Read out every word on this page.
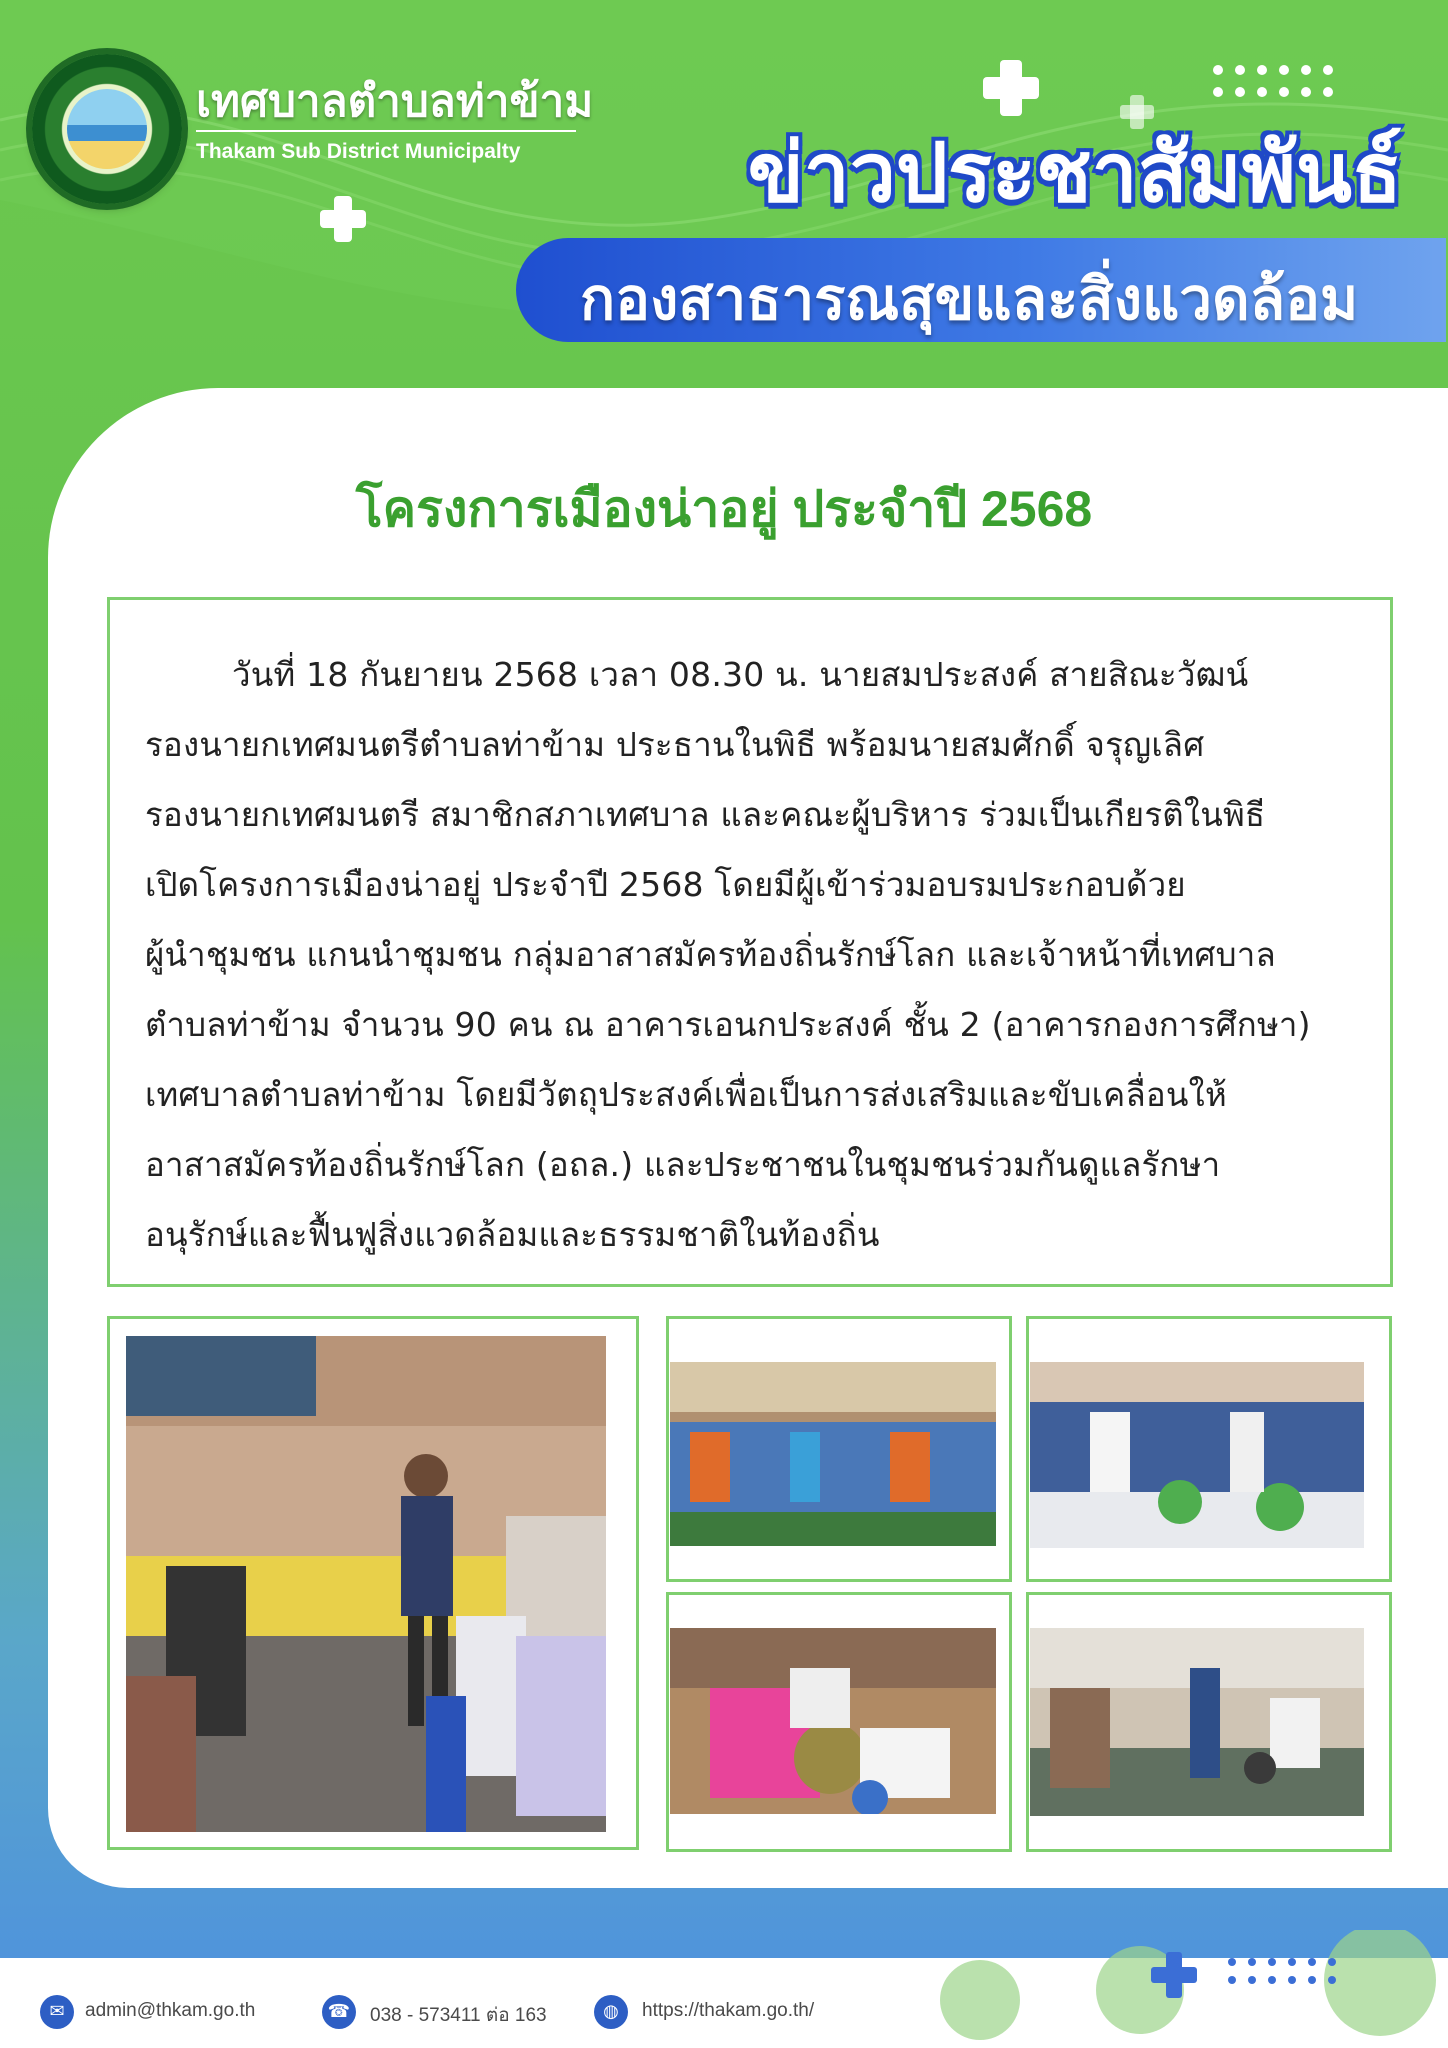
เทศบาลตำบลท่าข้าม
Thakam Sub District Municipalty	ข่าวประชาสัมพันธ์
กองสาธารณสุขและสิ่งแวดล้อม
โครงการเมืองน่าอยู่ ประจำปี 2568
วันที่ 18 กันยายน 2568 เวลา 08.30 น. นายสมประสงค์ สายสิณะวัฒน์
รองนายกเทศมนตรีตำบลท่าข้าม ประธานในพิธี พร้อมนายสมศักดิ์ จรุญเลิศ
รองนายกเทศมนตรี สมาชิกสภาเทศบาล และคณะผู้บริหาร ร่วมเป็นเกียรติในพิธี
เปิดโครงการเมืองน่าอยู่ ประจำปี 2568 โดยมีผู้เข้าร่วมอบรมประกอบด้วย
ผู้นำชุมชน แกนนำชุมชน กลุ่มอาสาสมัครท้องถิ่นรักษ์โลก และเจ้าหน้าที่เทศบาล
ตำบลท่าข้าม จำนวน 90 คน ณ อาคารเอนกประสงค์ ชั้น 2 (อาคารกองการศึกษา)
เทศบาลตำบลท่าข้าม โดยมีวัตถุประสงค์เพื่อเป็นการส่งเสริมและขับเคลื่อนให้
อาสาสมัครท้องถิ่นรักษ์โลก (อถล.) และประชาชนในชุมชนร่วมกันดูแลรักษา
อนุรักษ์และฟื้นฟูสิ่งแวดล้อมและธรรมชาติในท้องถิ่น
✉	admin@thkam.go.th	☎	038 - 573411 ต่อ 163	◍	https://thakam.go.th/
